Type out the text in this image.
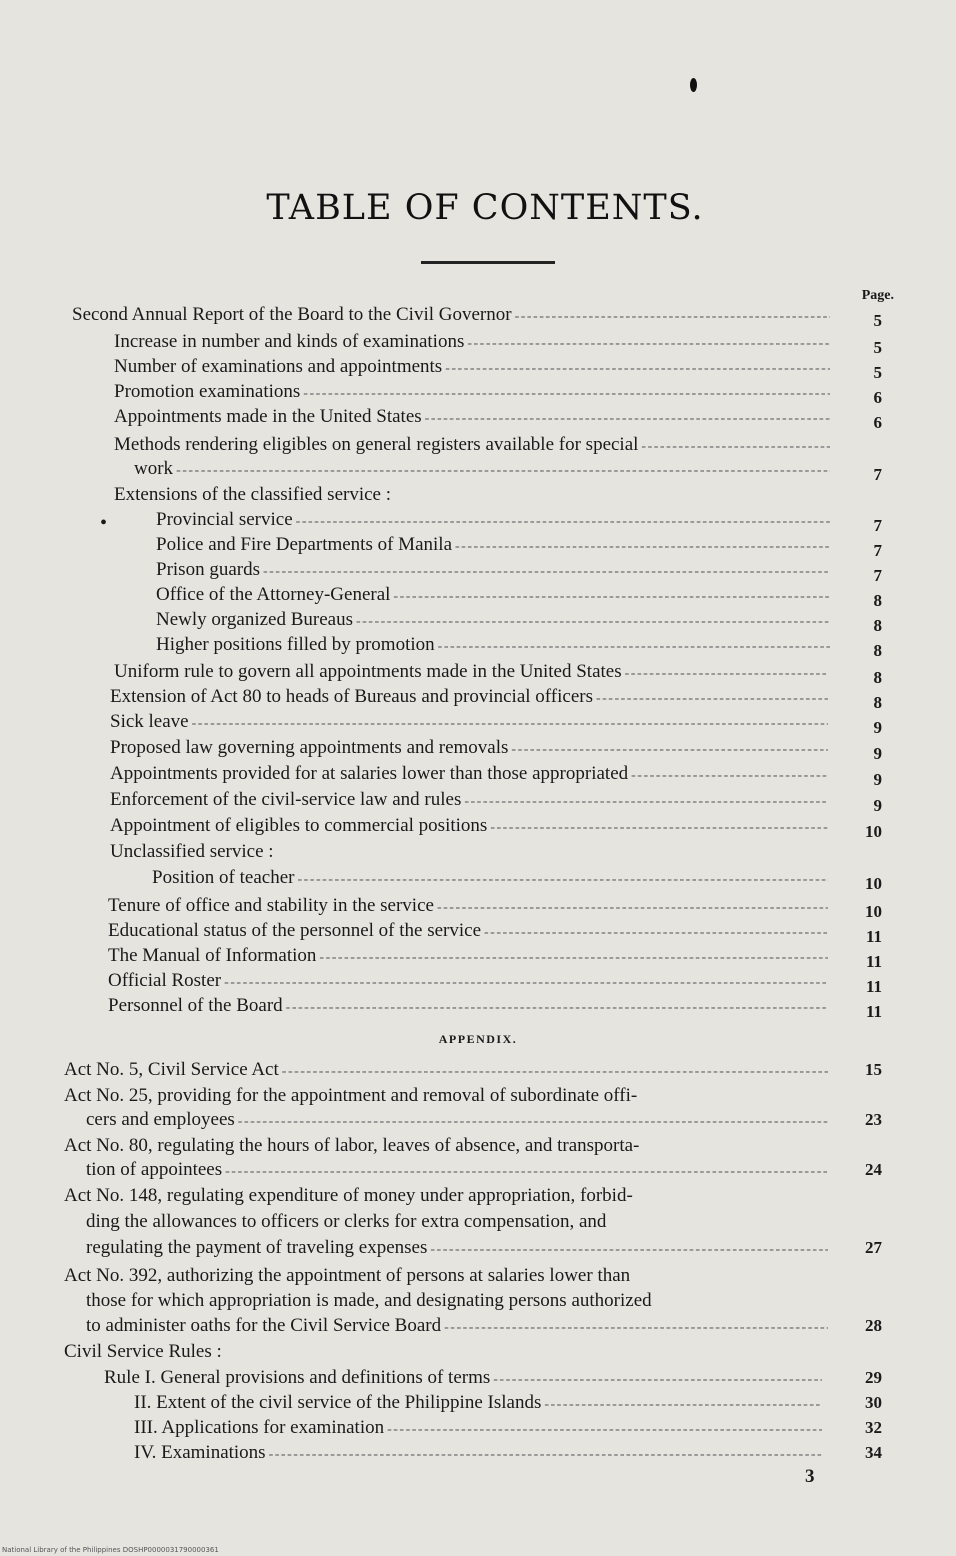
TABLE OF CONTENTS.
Page.
APPENDIX.
•
Second Annual Report of the Board to the Civil Governor -----	5
Increase in number and kinds of examinations -----	5
Number of examinations and appointments -----	5
Promotion examinations -----	6
Appointments made in the United States -----	6
Methods rendering eligibles on general registers available for special
-----
work -----	7
Extensions of the classified service :
Provincial service -----	7
Police and Fire Departments of Manila -----	7
Prison guards -----	7
Office of the Attorney-General -----	8
Newly organized Bureaus -----	8
Higher positions filled by promotion -----	8
Uniform rule to govern all appointments made in the United States -----	8
Extension of Act 80 to heads of Bureaus and provincial officers -----	8
Sick leave -----	9
Proposed law governing appointments and removals -----	9
Appointments provided for at salaries lower than those appropriated -----	9
Enforcement of the civil-service law and rules -----	9
Appointment of eligibles to commercial positions -----	10
Unclassified service :
Position of teacher -----	10
Tenure of office and stability in the service -----	10
Educational status of the personnel of the service -----	11
The Manual of Information -----	11
Official Roster -----	11
Personnel of the Board -----	11
Act No. 5, Civil Service Act -----	15
Act No. 25, providing for the appointment and removal of subordinate offi-
cers and employees -----	23
Act No. 80, regulating the hours of labor, leaves of absence, and transporta-
tion of appointees -----	24
Act No. 148, regulating expenditure of money under appropriation, forbid-
ding the allowances to officers or clerks for extra compensation, and
regulating the payment of traveling expenses -----	27
Act No. 392, authorizing the appointment of persons at salaries lower than
those for which appropriation is made, and designating persons authorized
to administer oaths for the Civil Service Board -----	28
Civil Service Rules :
Rule I. General provisions and definitions of terms -----	29
II. Extent of the civil service of the Philippine Islands -----	30
III. Applications for examination -----	32
IV. Examinations -----	34
3
National Library of the Philippines DOSHP0000031790000361
